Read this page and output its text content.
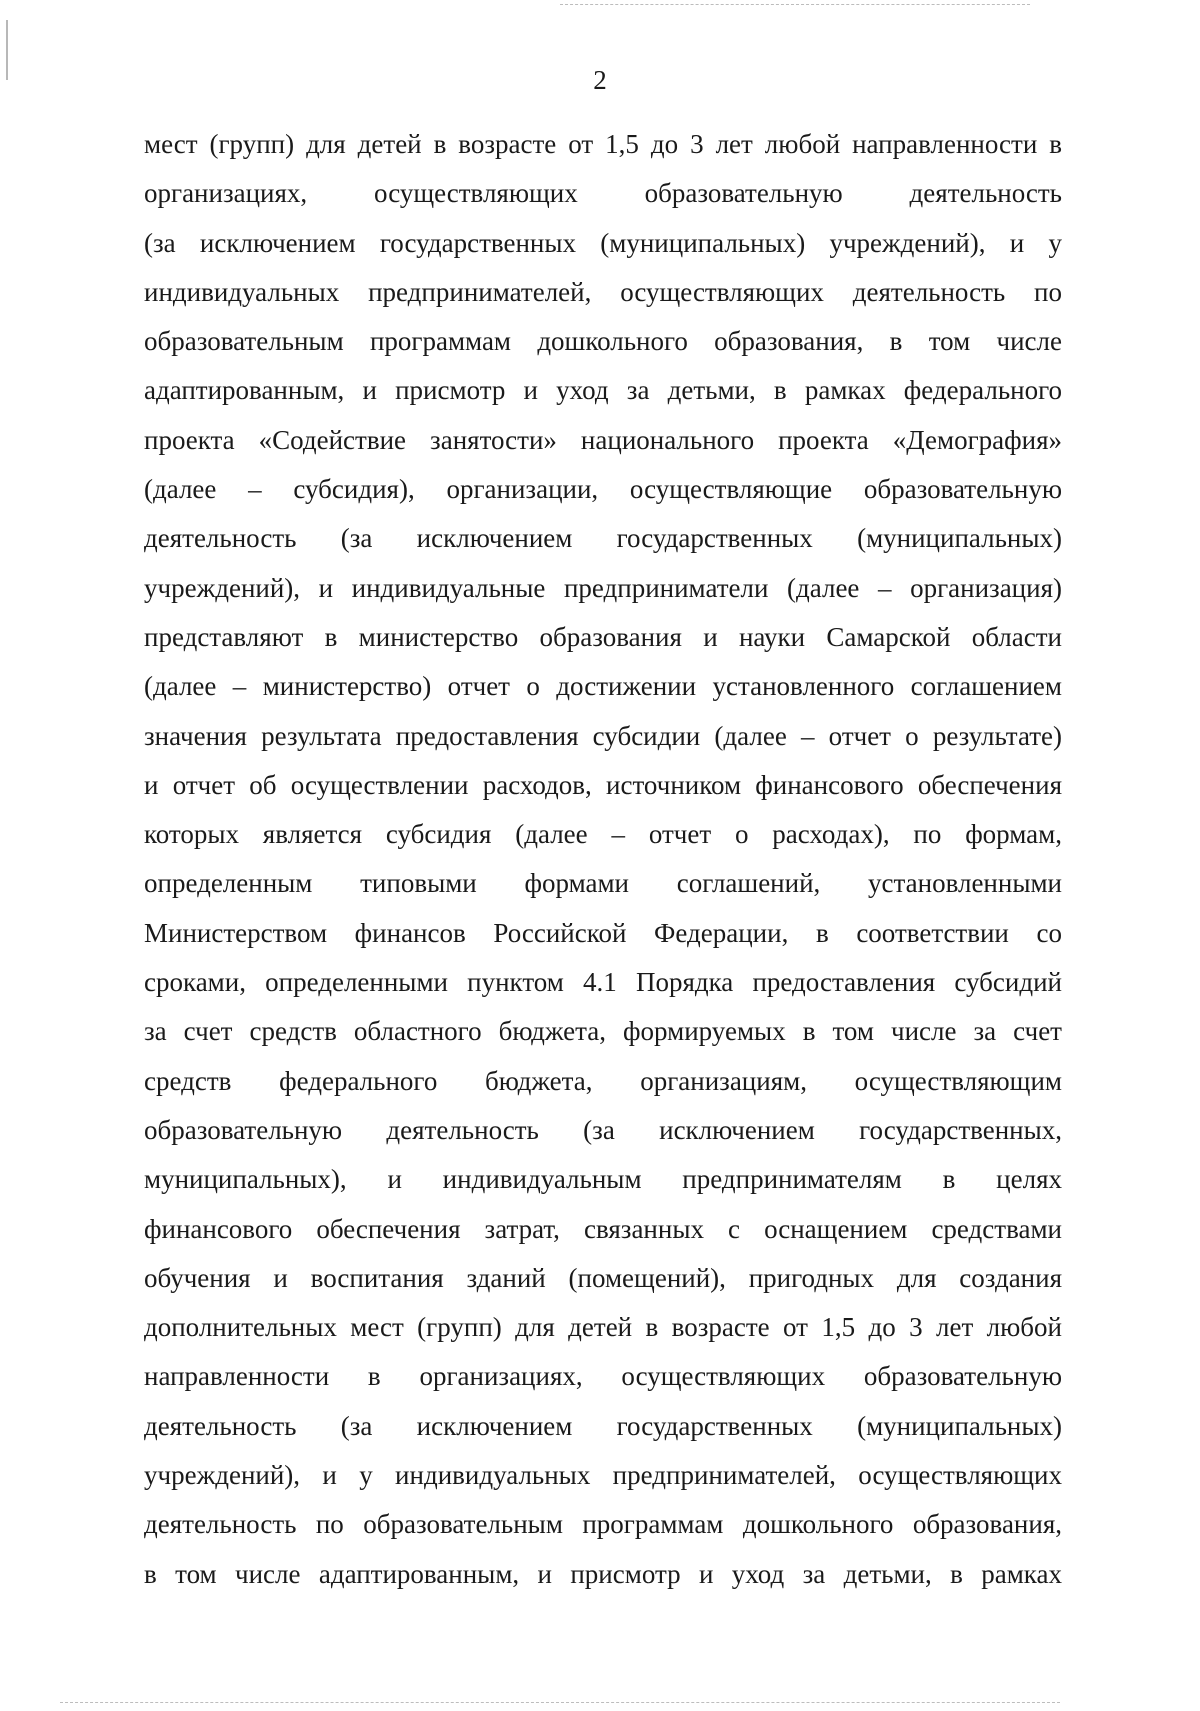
2
мест (групп) для детей в возрасте от 1,5 до 3 лет любой направленности в
организациях, осуществляющих образовательную деятельность
(за исключением государственных (муниципальных) учреждений), и у
индивидуальных предпринимателей, осуществляющих деятельность по
образовательным программам дошкольного образования, в том числе
адаптированным, и присмотр и уход за детьми, в рамках федерального
проекта «Содействие занятости» национального проекта «Демография»
(далее – субсидия), организации, осуществляющие образовательную
деятельность (за исключением государственных (муниципальных)
учреждений), и индивидуальные предприниматели (далее – организация)
представляют в министерство образования и науки Самарской области
(далее – министерство) отчет о достижении установленного соглашением
значения результата предоставления субсидии (далее – отчет о результате)
и отчет об осуществлении расходов, источником финансового обеспечения
которых является субсидия (далее – отчет о расходах), по формам,
определенным типовыми формами соглашений, установленными
Министерством финансов Российской Федерации, в соответствии со
сроками, определенными пунктом 4.1 Порядка предоставления субсидий
за счет средств областного бюджета, формируемых в том числе за счет
средств федерального бюджета, организациям, осуществляющим
образовательную деятельность (за исключением государственных,
муниципальных), и индивидуальным предпринимателям в целях
финансового обеспечения затрат, связанных с оснащением средствами
обучения и воспитания зданий (помещений), пригодных для создания
дополнительных мест (групп) для детей в возрасте от 1,5 до 3 лет любой
направленности в организациях, осуществляющих образовательную
деятельность (за исключением государственных (муниципальных)
учреждений), и у индивидуальных предпринимателей, осуществляющих
деятельность по образовательным программам дошкольного образования,
в том числе адаптированным, и присмотр и уход за детьми, в рамках
